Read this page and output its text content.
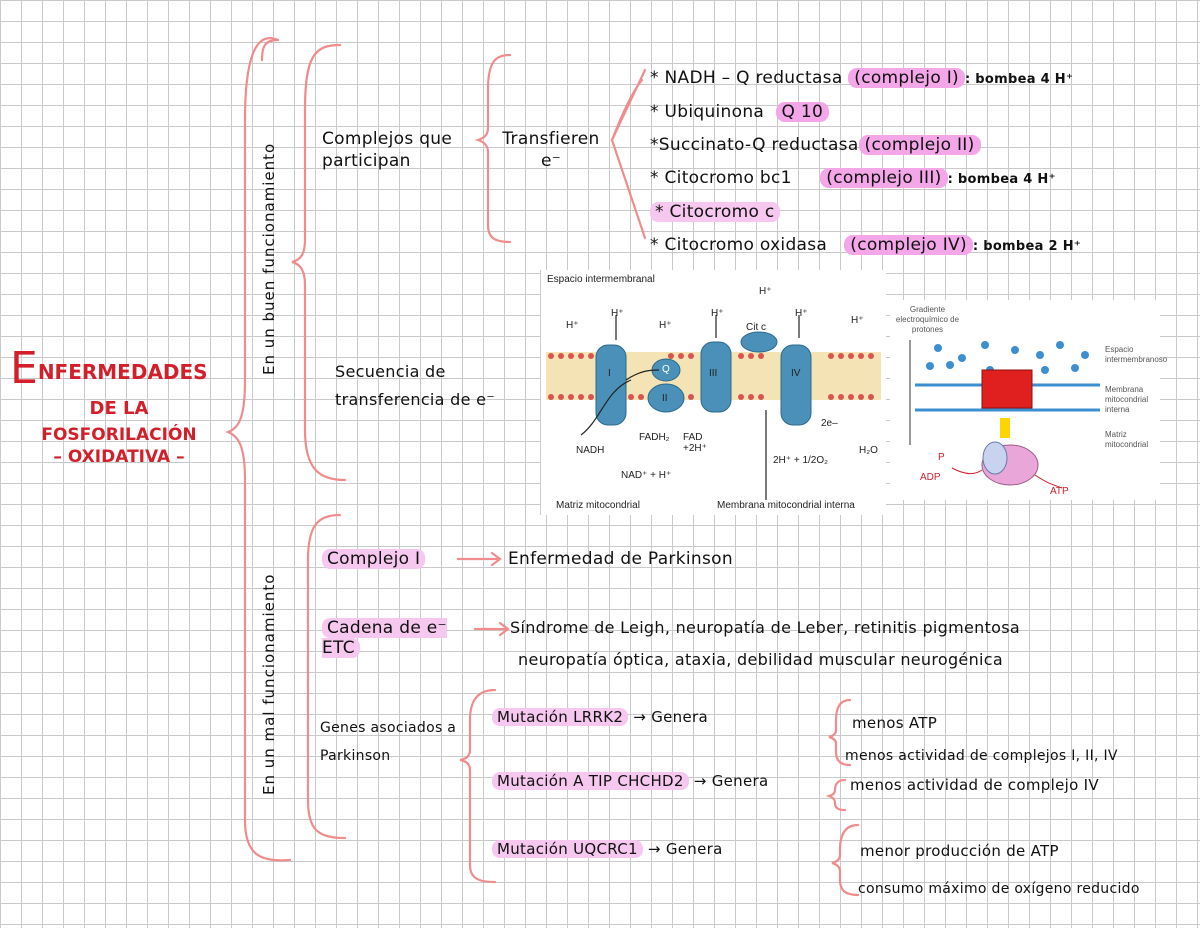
ENFERMEDADES
DE LA
FOSFORILACIÓN
– OXIDATIVA –
En un buen funcionamiento
En un mal funcionamiento
Complejos que participan
Transfieren e⁻
* NADH – Q reductasa (complejo I) : bombea 4 H⁺
* Ubiquinona Q 10
*Succinato-Q reductasa (complejo II)
* Citocromo bc1 (complejo III) : bombea 4 H⁺
* Citocromo c
* Citocromo oxidasa (complejo IV) : bombea 2 H⁺
Secuencia de transferencia de e⁻
Espacio intermembranal
H⁺
H⁺
H⁺
H⁺
H⁺
H⁺
H⁺
Cit c
Q
I
II
III	IV
NADH
NAD⁺ + H⁺
FADH₂ FAD +2H⁺
2e–
2H⁺ + 1/2O₂
H₂O
Matriz mitocondrial	Membrana mitocondrial interna
Gradiente electroquímico de protones
Espacio intermembranoso
Membrana mitocondrial interna
Matriz mitocondrial
P
ADP
ATP
Complejo I	Enfermedad de Parkinson
Cadena de e⁻ ETC
Síndrome de Leigh, neuropatía de Leber, retinitis pigmentosa
neuropatía óptica, ataxia, debilidad muscular neurogénica
Genes asociados a Parkinson
Mutación LRRK2 → Genera
Mutación A TIP CHCHD2 → Genera
Mutación UQCRC1 → Genera
menos ATP
menos actividad de complejos I, II, IV
menos actividad de complejo IV
menor producción de ATP
consumo máximo de oxígeno reducido
